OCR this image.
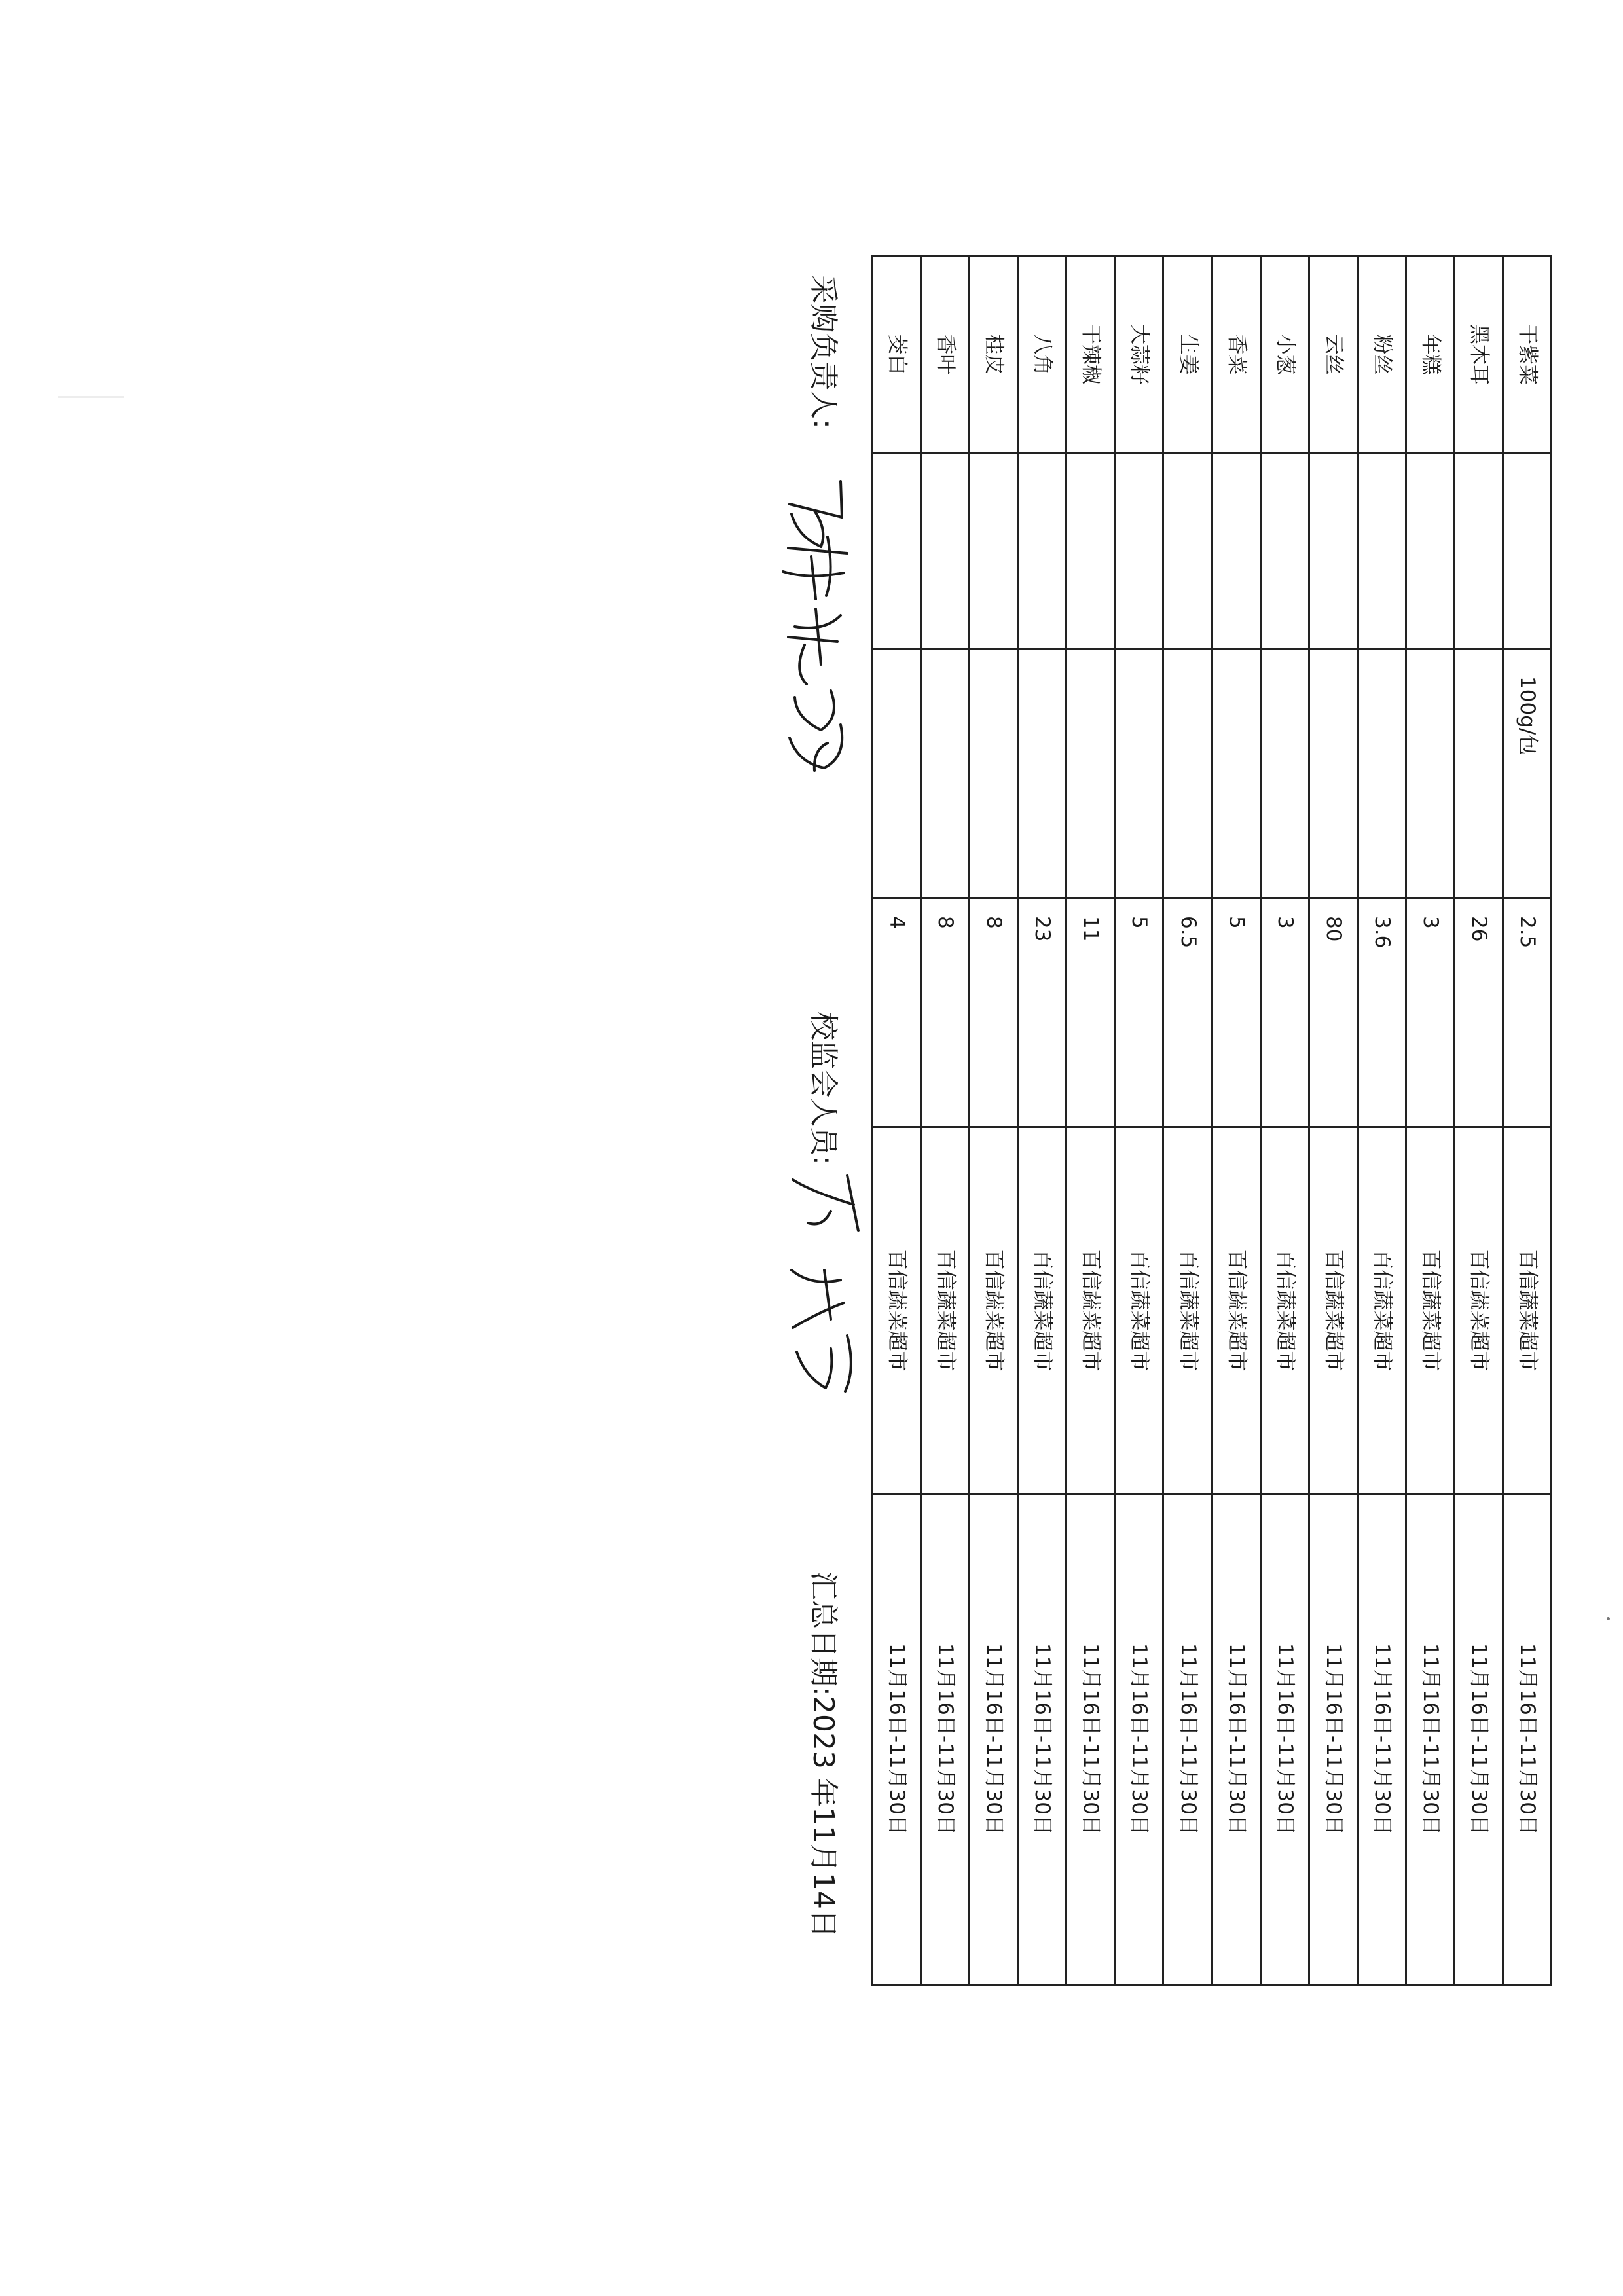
干紫菜		100g/包	2.5	百信蔬菜超市	11月16日-11月30日
黑木耳			26	百信蔬菜超市	11月16日-11月30日
年糕			3	百信蔬菜超市	11月16日-11月30日
粉丝			3.6	百信蔬菜超市	11月16日-11月30日
云丝			80	百信蔬菜超市	11月16日-11月30日
小葱			3	百信蔬菜超市	11月16日-11月30日
香菜			5	百信蔬菜超市	11月16日-11月30日
生姜			6.5	百信蔬菜超市	11月16日-11月30日
大蒜籽			5	百信蔬菜超市	11月16日-11月30日
干辣椒			11	百信蔬菜超市	11月16日-11月30日
八角			23	百信蔬菜超市	11月16日-11月30日
桂皮			8	百信蔬菜超市	11月16日-11月30日
香叶			8	百信蔬菜超市	11月16日-11月30日
茭白			4	百信蔬菜超市	11月16日-11月30日
采购负责人:
校监会人员:
汇总日期:
2023 年11月14日
